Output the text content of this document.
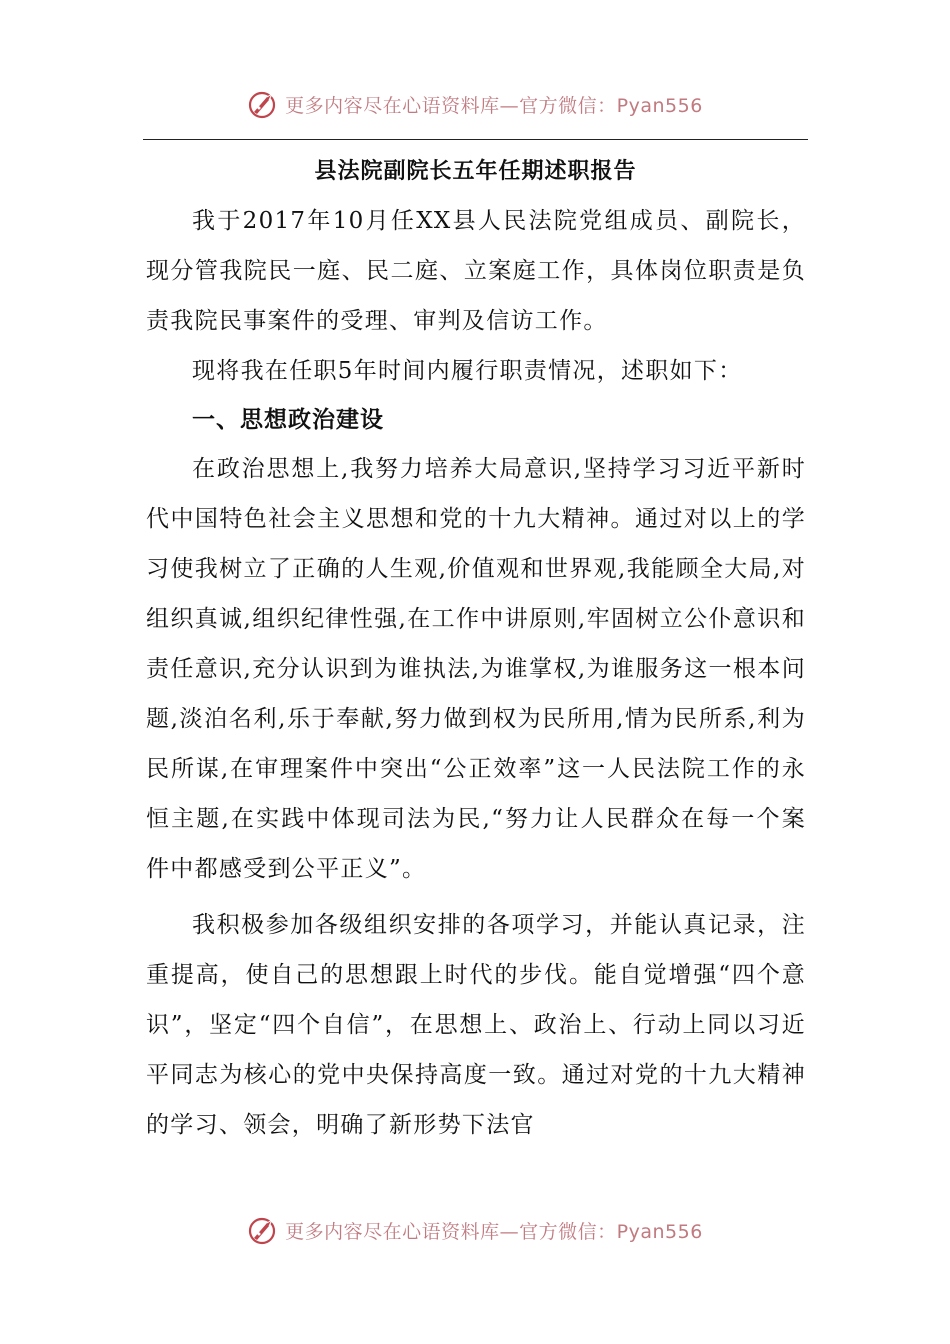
更多内容尽在心语资料库—官方微信：Pyan556
县法院副院长五年任期述职报告

我于2017年10月任XX县人民法院党组成员、副院长，现分管我院民一庭、民二庭、立案庭工作，具体岗位职责是负责我院民事案件的受理、审判及信访工作。

现将我在任职5年时间内履行职责情况，述职如下：

一、思想政治建设

在政治思想上,我努力培养大局意识,坚持学习习近平新时代中国特色社会主义思想和党的十九大精神。通过对以上的学习使我树立了正确的人生观,价值观和世界观,我能顾全大局,对组织真诚,组织纪律性强,在工作中讲原则,牢固树立公仆意识和责任意识,充分认识到为谁执法,为谁掌权,为谁服务这一根本问题,淡泊名利,乐于奉献,努力做到权为民所用,情为民所系,利为民所谋,在审理案件中突出“公正效率”这一人民法院工作的永恒主题,在实践中体现司法为民,“努力让人民群众在每一个案件中都感受到公平正义”。

我积极参加各级组织安排的各项学习，并能认真记录，注重提高，使自己的思想跟上时代的步伐。能自觉增强“四个意识”，坚定“四个自信”，在思想上、政治上、行动上同以习近平同志为核心的党中央保持高度一致。通过对党的十九大精神的学习、领会，明确了新形势下法官

更多内容尽在心语资料库—官方微信：Pyan556
